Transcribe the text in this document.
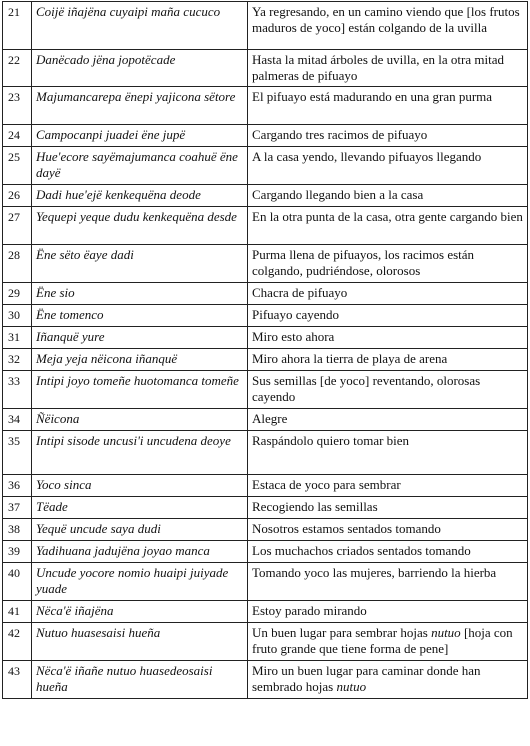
21	Coijë iñajëna cuyaipi maña cucuco	Ya regresando, en un camino viendo que [los frutos maduros de yoco] están colgando de la uvilla
22	Danëcado jëna jopotëcade	Hasta la mitad árboles de uvilla, en la otra mitad palmeras de pifuayo
23	Majumancarepa ënepi yajicona sëtore	El pifuayo está madurando en una gran purma
24	Campocanpi juadei ëne jupë	Cargando tres racimos de pifuayo
25	Hue'ecore sayëmajumanca coahuë ëne dayë	A la casa yendo, llevando pifuayos llegando
26	Dadi hue'ejë kenkequëna deode	Cargando llegando bien a la casa
27	Yequepi yeque dudu kenkequëna desde	En la otra punta de la casa, otra gente cargando bien
28	Ëne sëto ëaye dadi	Purma llena de pifuayos, los racimos están colgando, pudriéndose, olorosos
29	Ëne sio	Chacra de pifuayo
30	Ëne tomenco	Pifuayo cayendo
31	Iñanquë yure	Miro esto ahora
32	Meja yeja nëicona iñanquë	Miro ahora la tierra de playa de arena
33	Intipi joyo tomeñe huotomanca tomeñe	Sus semillas [de yoco] reventando, olorosas cayendo
34	Ñëicona	Alegre
35	Intipi sisode uncusi'i uncudena deoye	Raspándolo quiero tomar bien
36	Yoco sinca	Estaca de yoco para sembrar
37	Tëade	Recogiendo las semillas
38	Yequë uncude saya dudi	Nosotros estamos sentados tomando
39	Yadihuana jadujëna joyao manca	Los muchachos criados sentados tomando
40	Uncude yocore nomio huaipi juiyade yuade	Tomando yoco las mujeres, barriendo la hierba
41	Nëca'ë iñajëna	Estoy parado mirando
42	Nutuo huasesaisi hueña	Un buen lugar para sembrar hojas nutuo [hoja con fruto grande que tiene forma de pene]
43	Nëca'ë iñañe nutuo huasedeosaisi hueña	Miro un buen lugar para caminar donde han sembrado hojas nutuo
